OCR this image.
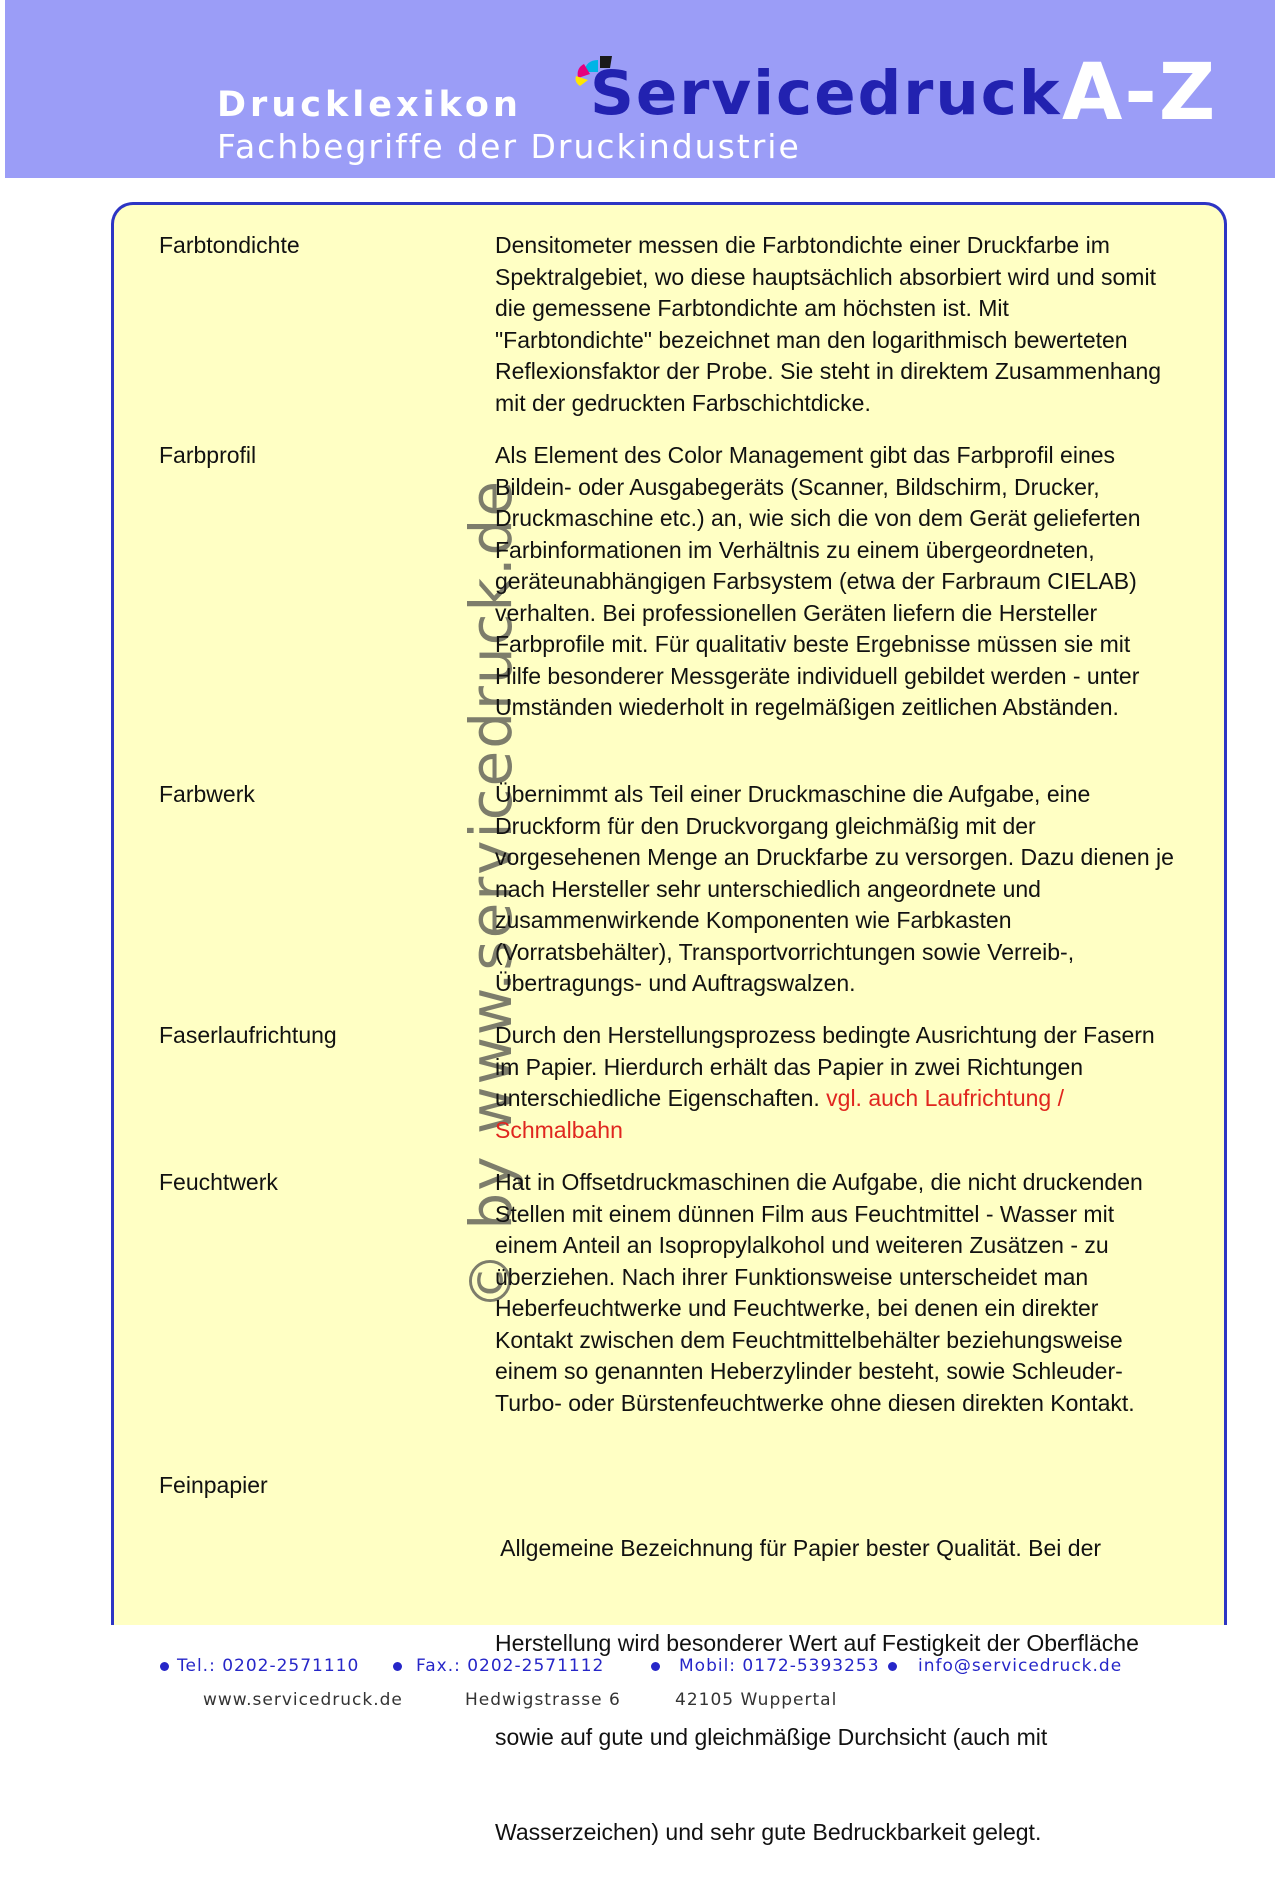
Drucklexikon
Fachbegriffe der Druckindustrie
Servicedruck A-Z
© by www.servicedruck.de
Farbtondichte	Densitometer messen die Farbtondichte einer Druckfarbe im
Spektralgebiet, wo diese hauptsächlich absorbiert wird und somit
die gemessene Farbtondichte am höchsten ist. Mit
"Farbtondichte" bezeichnet man den logarithmisch bewerteten
Reflexionsfaktor der Probe. Sie steht in direktem Zusammenhang
mit der gedruckten Farbschichtdicke.
Farbprofil	Als Element des Color Management gibt das Farbprofil eines
Bildein- oder Ausgabegeräts (Scanner, Bildschirm, Drucker,
Druckmaschine etc.) an, wie sich die von dem Gerät gelieferten
Farbinformationen im Verhältnis zu einem übergeordneten,
geräteunabhängigen Farbsystem (etwa der Farbraum CIELAB)
verhalten. Bei professionellen Geräten liefern die Hersteller
Farbprofile mit. Für qualitativ beste Ergebnisse müssen sie mit
Hilfe besonderer Messgeräte individuell gebildet werden - unter
Umständen wiederholt in regelmäßigen zeitlichen Abständen.
Farbwerk	Übernimmt als Teil einer Druckmaschine die Aufgabe, eine
Druckform für den Druckvorgang gleichmäßig mit der
vorgesehenen Menge an Druckfarbe zu versorgen. Dazu dienen je
nach Hersteller sehr unterschiedlich angeordnete und
zusammenwirkende Komponenten wie Farbkasten
(Vorratsbehälter), Transportvorrichtungen sowie Verreib-,
Übertragungs- und Auftragswalzen.
Faserlaufrichtung	Durch den Herstellungsprozess bedingte Ausrichtung der Fasern
im Papier. Hierdurch erhält das Papier in zwei Richtungen
unterschiedliche Eigenschaften. vgl. auch Laufrichtung /
Schmalbahn
Feuchtwerk	Hat in Offsetdruckmaschinen die Aufgabe, die nicht druckenden
Stellen mit einem dünnen Film aus Feuchtmittel - Wasser mit
einem Anteil an Isopropylalkohol und weiteren Zusätzen - zu
überziehen. Nach ihrer Funktionsweise unterscheidet man
Heberfeuchtwerke und Feuchtwerke, bei denen ein direkter
Kontakt zwischen dem Feuchtmittelbehälter beziehungsweise
einem so genannten Heberzylinder besteht, sowie Schleuder-
Turbo- oder Bürstenfeuchtwerke ohne diesen direkten Kontakt.
Feinpapier

Allgemeine Bezeichnung für Papier bester Qualität. Bei der

Herstellung wird besonderer Wert auf Festigkeit der Oberfläche

sowie auf gute und gleichmäßige Durchsicht (auch mit

Wasserzeichen) und sehr gute Bedruckbarkeit gelegt.

Tel.: 0202-2571110	Fax.: 0202-2571112	Mobil: 0172-5393253 info@servicedruck.de
www.servicedruck.de	Hedwigstrasse 6	42105 Wuppertal
